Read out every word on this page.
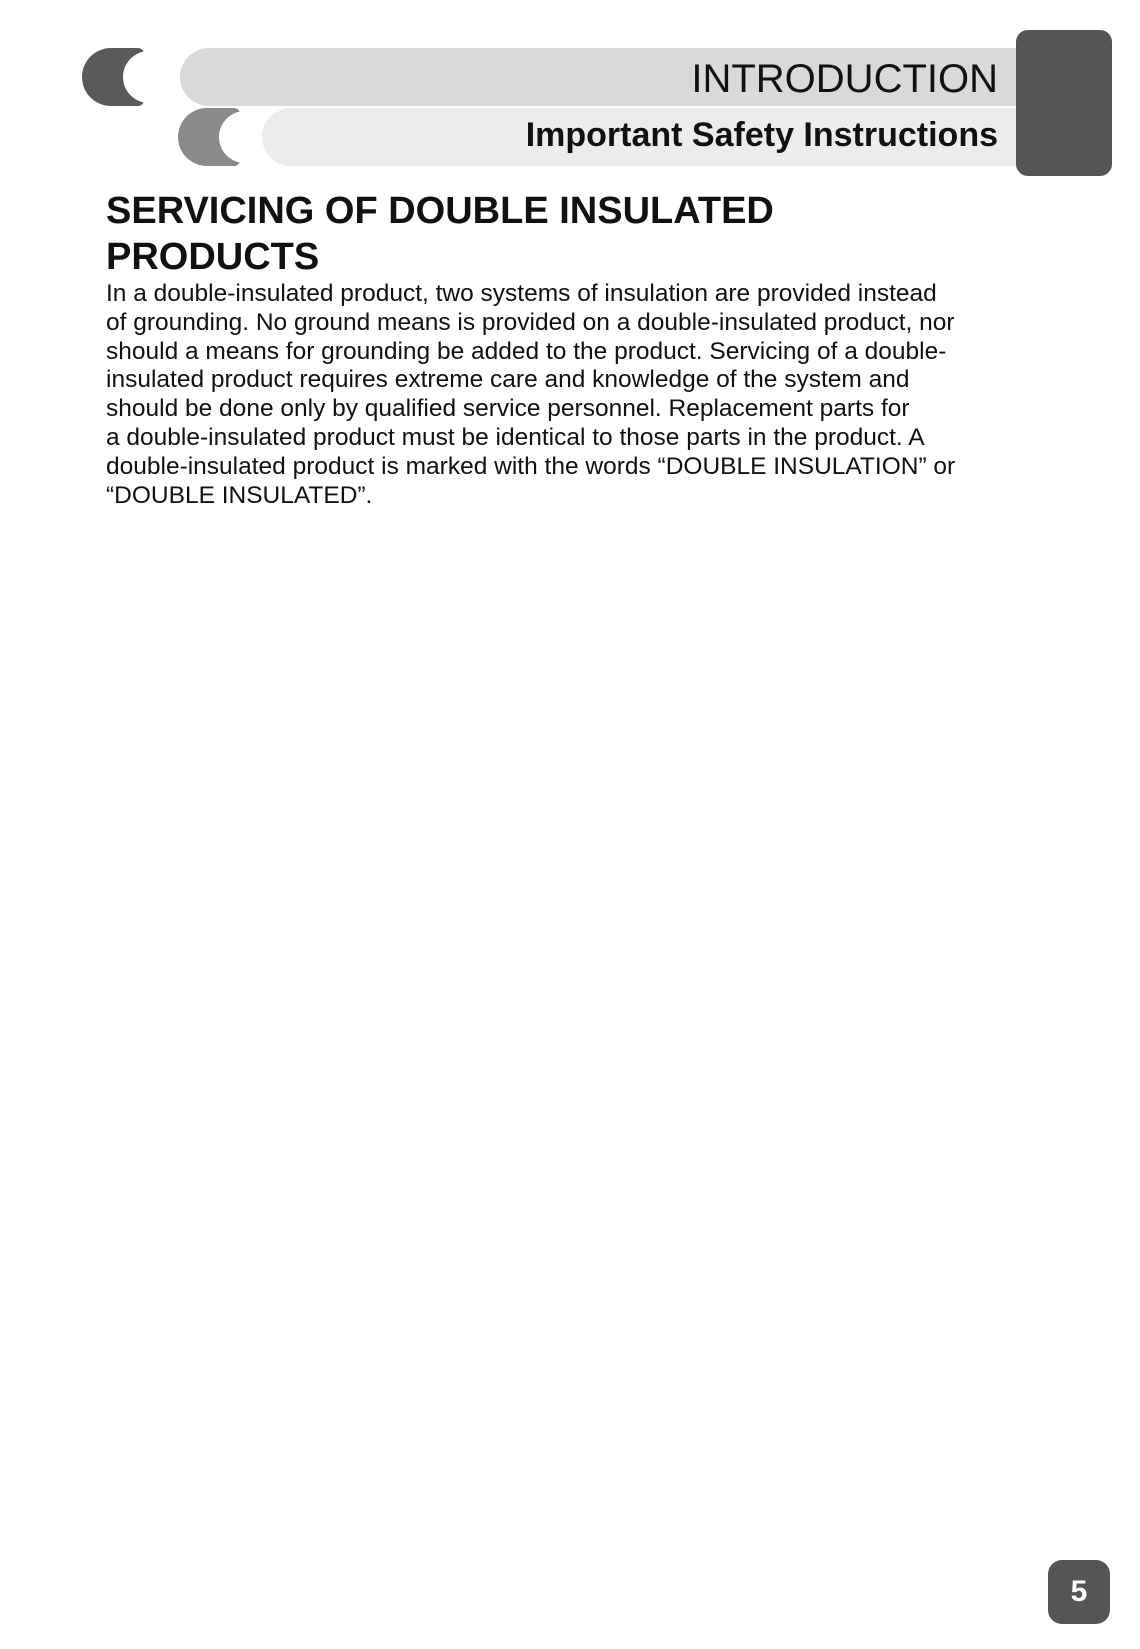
INTRODUCTION
Important Safety Instructions
SERVICING OF DOUBLE INSULATED
PRODUCTS

In a double-insulated product, two systems of insulation are provided instead
of grounding. No ground means is provided on a double-insulated product, nor
should a means for grounding be added to the product. Servicing of a double-
insulated product requires extreme care and knowledge of the system and
should be done only by qualified service personnel. Replacement parts for
a double-insulated product must be identical to those parts in the product. A
double-insulated product is marked with the words “DOUBLE INSULATION” or
“DOUBLE INSULATED”.

5
